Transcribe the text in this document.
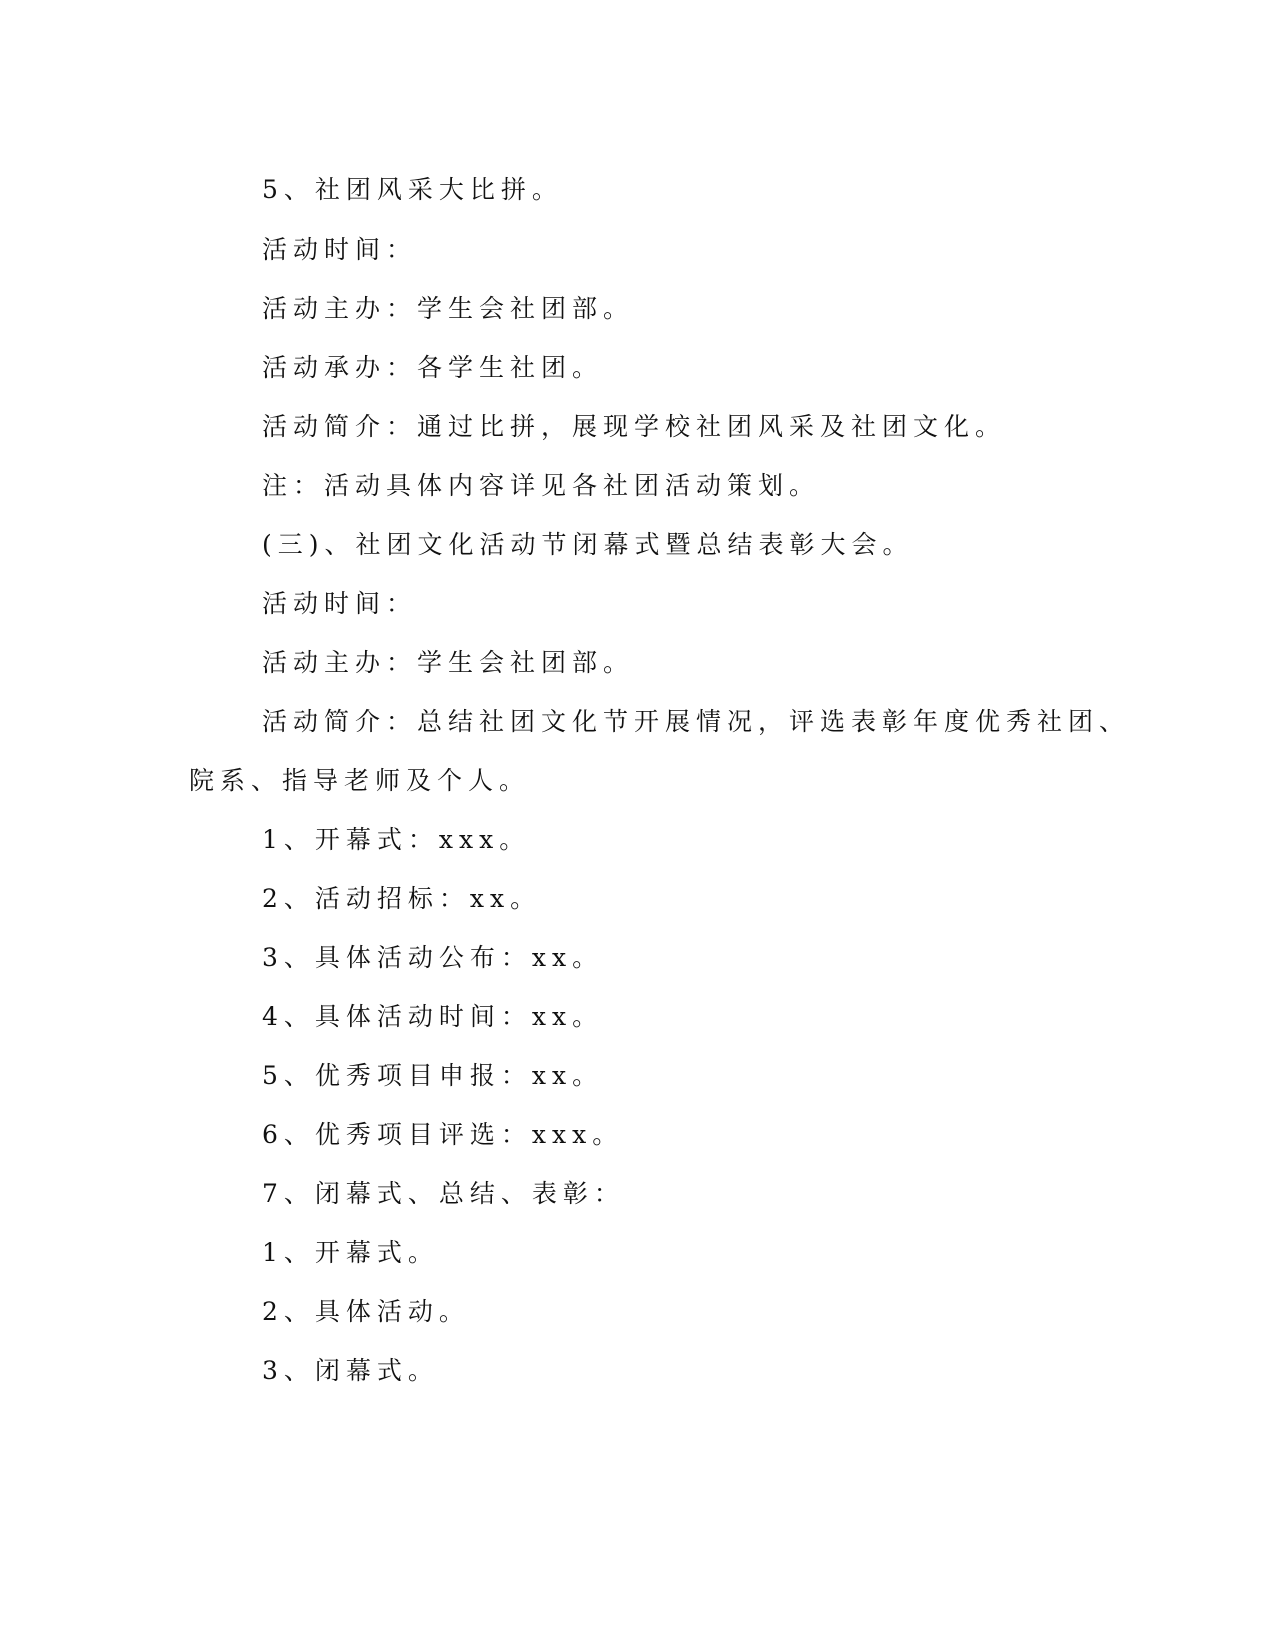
5、社团风采大比拼。
活动时间：
活动主办：学生会社团部。
活动承办：各学生社团。
活动简介：通过比拼，展现学校社团风采及社团文化。
注：活动具体内容详见各社团活动策划。
(三)、社团文化活动节闭幕式暨总结表彰大会。
活动时间：
活动主办：学生会社团部。
活动简介：总结社团文化节开展情况，评选表彰年度优秀社团、
院系、指导老师及个人。
1、开幕式：xxx。
2、活动招标：xx。
3、具体活动公布：xx。
4、具体活动时间：xx。
5、优秀项目申报：xx。
6、优秀项目评选：xxx。
7、闭幕式、总结、表彰：
1、开幕式。
2、具体活动。
3、闭幕式。
